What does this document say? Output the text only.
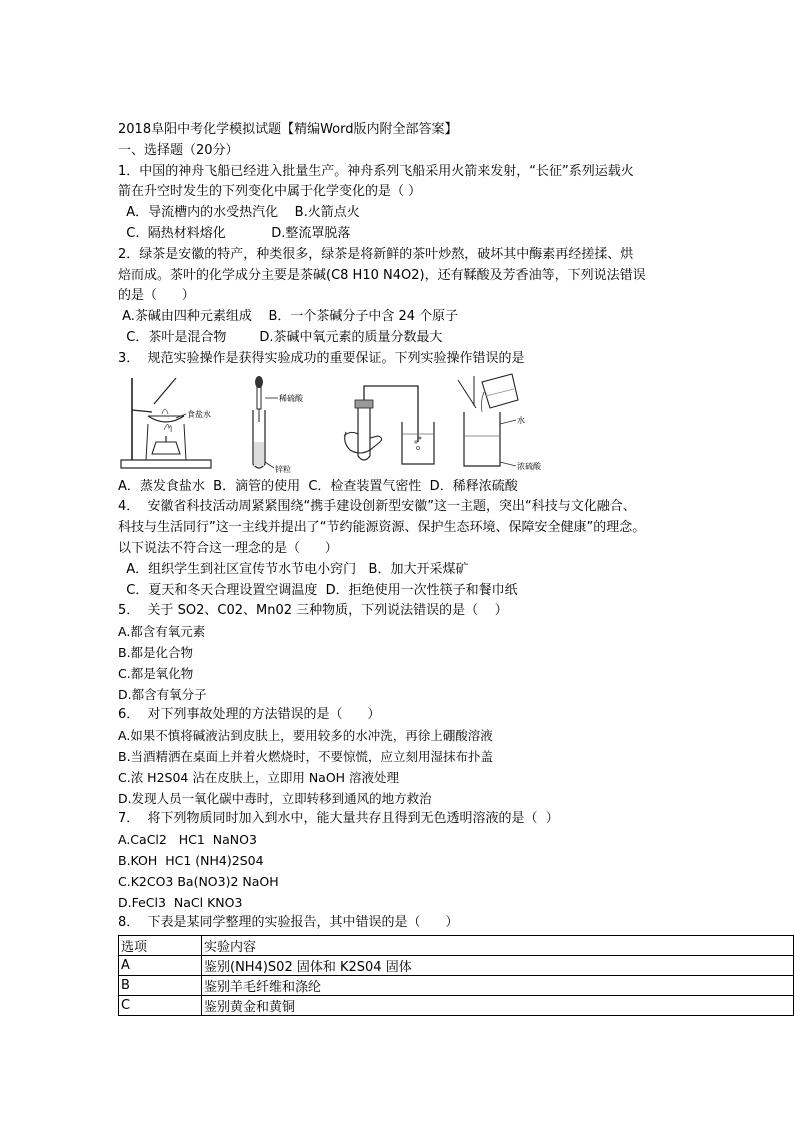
2018阜阳中考化学模拟试题【精编Word版内附全部答案】
一、选择题（20分）
1．中国的神舟飞船已经进入批量生产。神舟系列飞船采用火箭来发射，“长征”系列运载火
箭在升空时发生的下列变化中属于化学变化的是（ ）
A．导流槽内的水受热汽化    B.火箭点火
C.  隔热材料熔化           D.整流罩脱落
2．绿茶是安徽的特产，种类很多，绿茶是将新鲜的茶叶炒熬，破坏其中酶素再经搓揉、烘
焙而成。茶叶的化学成分主要是茶碱(C8 H10 N4O2)，还有鞣酸及芳香油等，下列说法错误
的是（      ）
A.茶碱由四种元素组成    B．一个茶碱分子中含 24 个原子
C．茶叶是混合物        D.茶碱中氧元素的质量分数最大
3．  规范实验操作是获得实验成功的重要保证。下列实验操作错误的是
食盐水
稀硫酸
锌粒
水
浓硫酸
A．蒸发食盐水  B．滴管的使用  C．检查装置气密性  D．稀释浓硫酸
4．  安徽省科技活动周紧紧围绕“携手建设创新型安徽”这一主题，突出“科技与文化融合、
科技与生活同行”这一主线并提出了“节约能源资源、保护生态环境、保障安全健康”的理念。
以下说法不符合这一理念的是（      ）
A．组织学生到社区宣传节水节电小窍门   B．加大开采煤矿
C．夏天和冬天合理设置空调温度  D．拒绝使用一次性筷子和餐巾纸
5．  关于 SO2、C02、Mn02 三种物质，下列说法错误的是（    ）
A.都含有氧元素
B.都是化合物
C.都是氧化物
D.都含有氧分子
6．  对下列事故处理的方法错误的是（      ）
A.如果不慎将碱液沾到皮肤上，要用较多的水冲洗，再徐上硼酸溶液
B.当酒精洒在桌面上并着火燃烧时，不要惊慌，应立刻用湿抹布扑盖
C.浓 H2S04 沾在皮肤上，立即用 NaOH 溶液处理
D.发现人员一氧化碳中毒时，立即转移到通风的地方救治
7．  将下列物质同时加入到水中，能大量共存且得到无色透明溶液的是（  ）
A.CaCl2   HC1  NaNO3
B.KOH  HC1 (NH4)2S04
C.K2CO3 Ba(NO3)2 NaOH
D.FeCl3  NaCl KNO3
8．  下表是某同学整理的实验报告，其中错误的是（      ）
选项	实验内容
A	鉴别(NH4)S02 固体和 K2S04 固体
B	鉴别羊毛纤维和涤纶
C	鉴别黄金和黄铜
